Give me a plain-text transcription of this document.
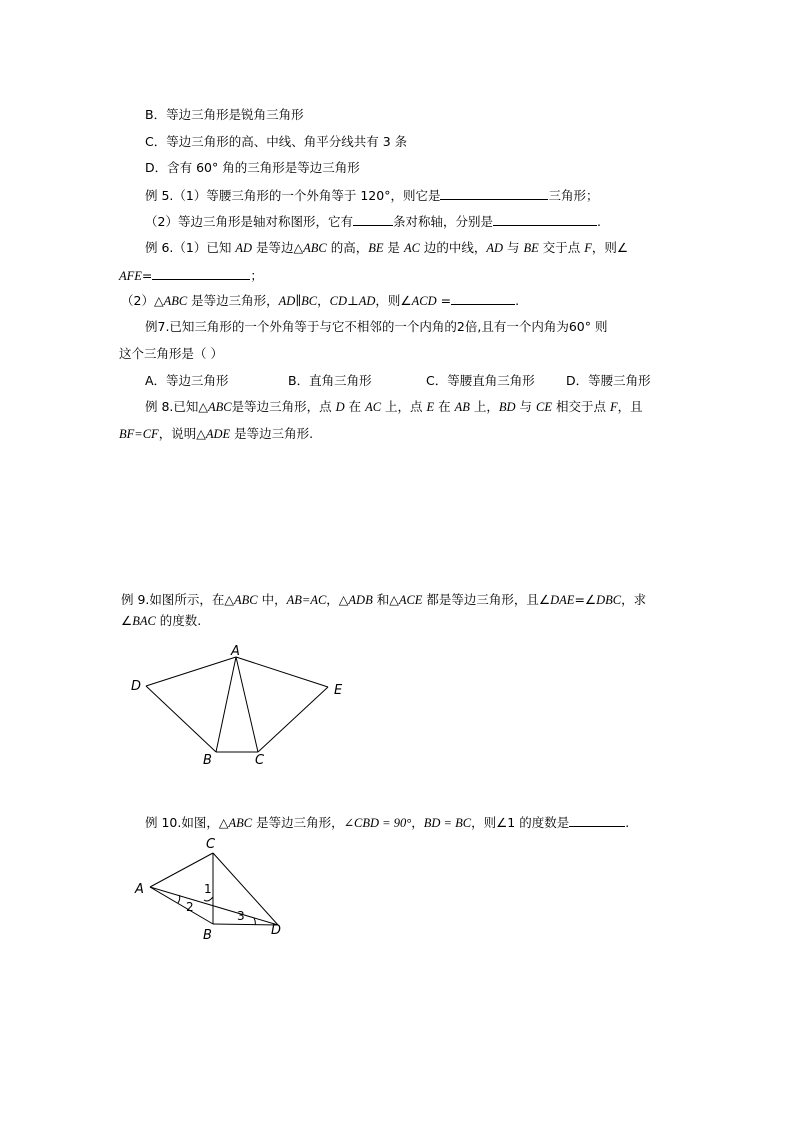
B．等边三角形是锐角三角形
C．等边三角形的高、中线、角平分线共有 3 条
D．含有 60° 角的三角形是等边三角形
例 5.（1）等腰三角形的一个外角等于 120°，则它是	三角形；
（2）等边三角形是轴对称图形，它有	条对称轴，分别是	.
例 6.（1）已知 AD 是等边△ABC 的高，BE 是 AC 边的中线，AD 与 BE 交于点 F，则∠
AFE=	；
（2）△ABC 是等边三角形，AD∥BC，CD⊥AD，则∠ACD =	.
例7.已知三角形的一个外角等于与它不相邻的一个内角的2倍,且有一个内角为60° 则
这个三角形是（ ）
A．等边三角形	B．直角三角形	C．等腰直角三角形	D．等腰三角形
例 8.已知△ABC是等边三角形，点 D 在 AC 上，点 E 在 AB 上，BD 与 CE 相交于点 F，且
BF=CF，说明△ADE 是等边三角形.
例 9.如图所示，在△ABC 中，AB=AC，△ADB 和△ACE 都是等边三角形，且∠DAE=∠DBC，求
∠BAC 的度数.
A
D	E
B	C
例 10.如图，△ABC 是等边三角形，∠CBD = 90°，BD = BC，则∠1 的度数是	.
C
A
B	D
1
2
3
